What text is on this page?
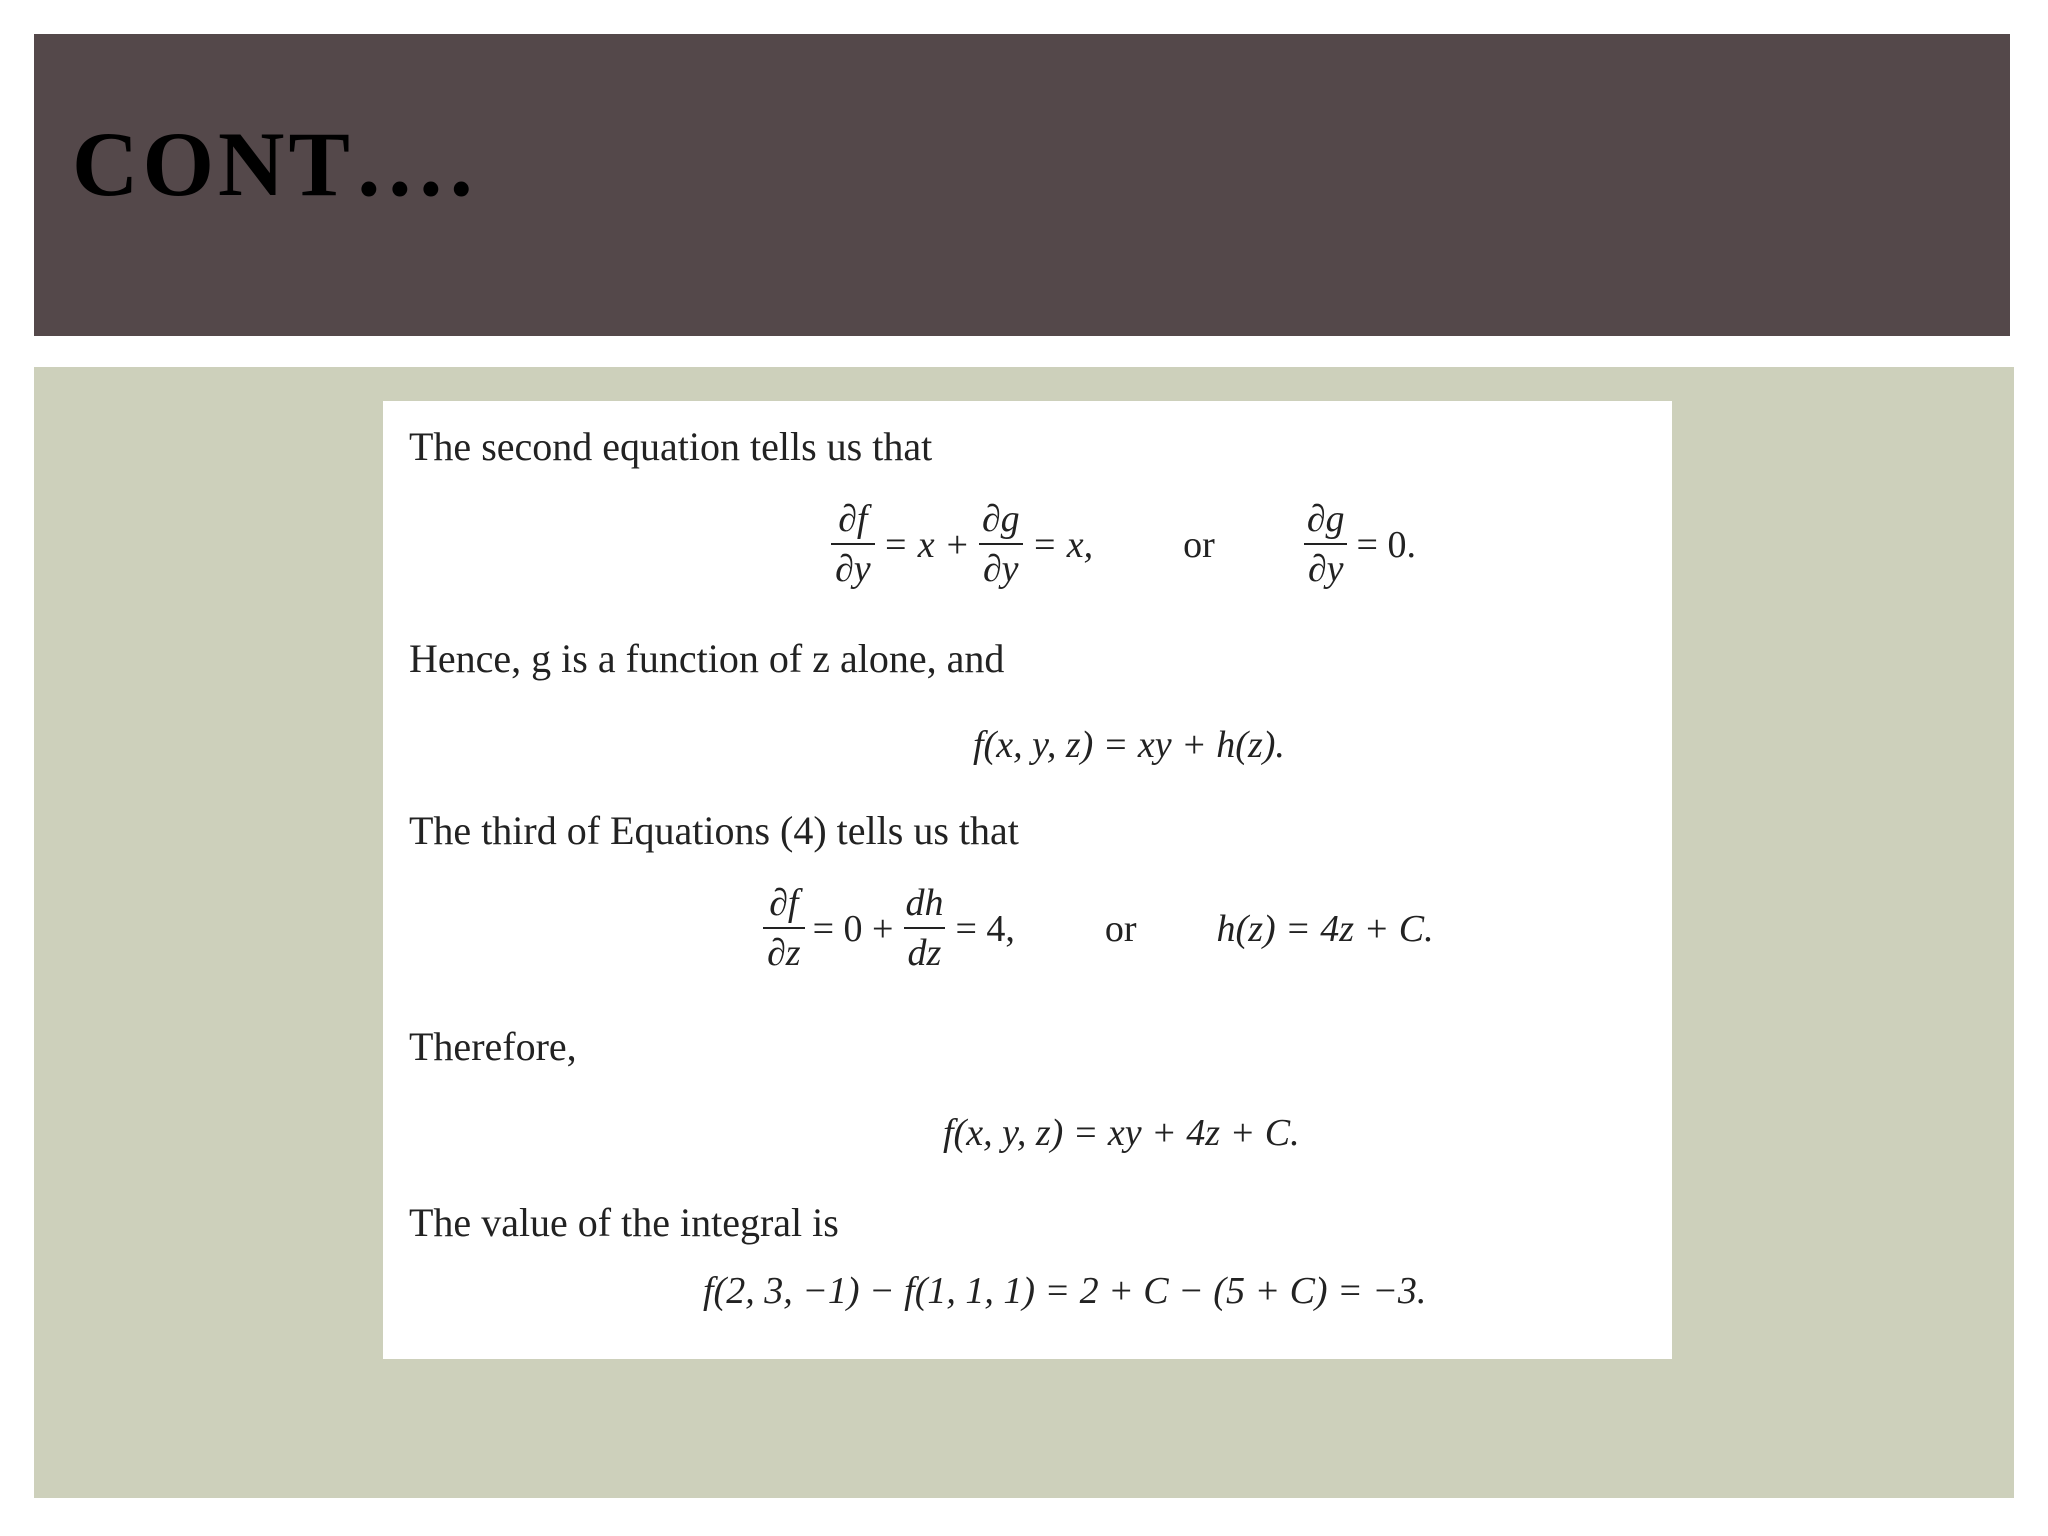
CONT….

The second equation tells us that

$\frac{\partial f}{\partial y} = x + \frac{\partial g}{\partial y} = x$, or $\frac{\partial g}{\partial y} = 0$.

Hence, g is a function of z alone, and

f(x, y, z) = xy + h(z).

The third of Equations (4) tells us that

$\frac{\partial f}{\partial z} = 0 + \frac{dh}{dz} = 4$, or h(z) = 4z + C.

Therefore,

f(x, y, z) = xy + 4z + C.

The value of the integral is

f(2, 3, −1) − f(1, 1, 1) = 2 + C − (5 + C) = −3.
